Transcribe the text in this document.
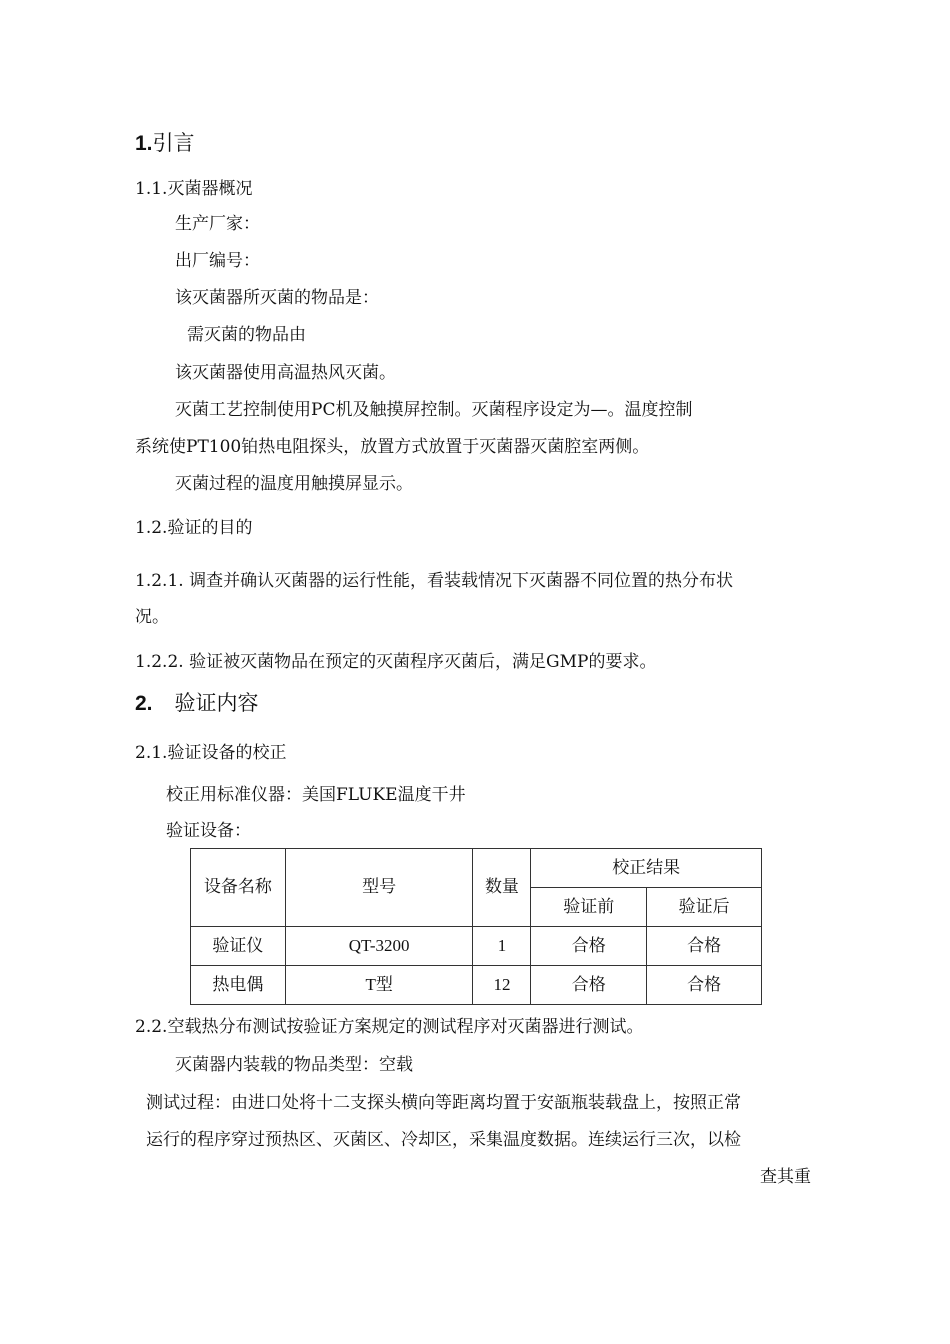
1.引言
1.1.灭菌器概况
生产厂家：
出厂编号：
该灭菌器所灭菌的物品是：
需灭菌的物品由
该灭菌器使用高温热风灭菌。
灭菌工艺控制使用PC机及触摸屏控制。灭菌程序设定为—。温度控制
系统使PT100铂热电阻探头，放置方式放置于灭菌器灭菌腔室两侧。
灭菌过程的温度用触摸屏显示。
1.2.验证的目的
1.2.1. 调查并确认灭菌器的运行性能，看装载情况下灭菌器不同位置的热分布状
况。
1.2.2. 验证被灭菌物品在预定的灭菌程序灭菌后，满足GMP的要求。
2. 验证内容
2.1.验证设备的校正
校正用标准仪器：美国FLUKE温度干井
验证设备：
设备名称	型号	数量	校正结果	
			验证前	验证后
验证仪	QT-3200	1	合格	合格
热电偶	T型	12	合格	合格
2.2.空载热分布测试按验证方案规定的测试程序对灭菌器进行测试。
灭菌器内装载的物品类型：空载
测试过程：由进口处将十二支探头横向等距离均置于安瓿瓶装载盘上，按照正常
运行的程序穿过预热区、灭菌区、冷却区，采集温度数据。连续运行三次，以检
查其重
